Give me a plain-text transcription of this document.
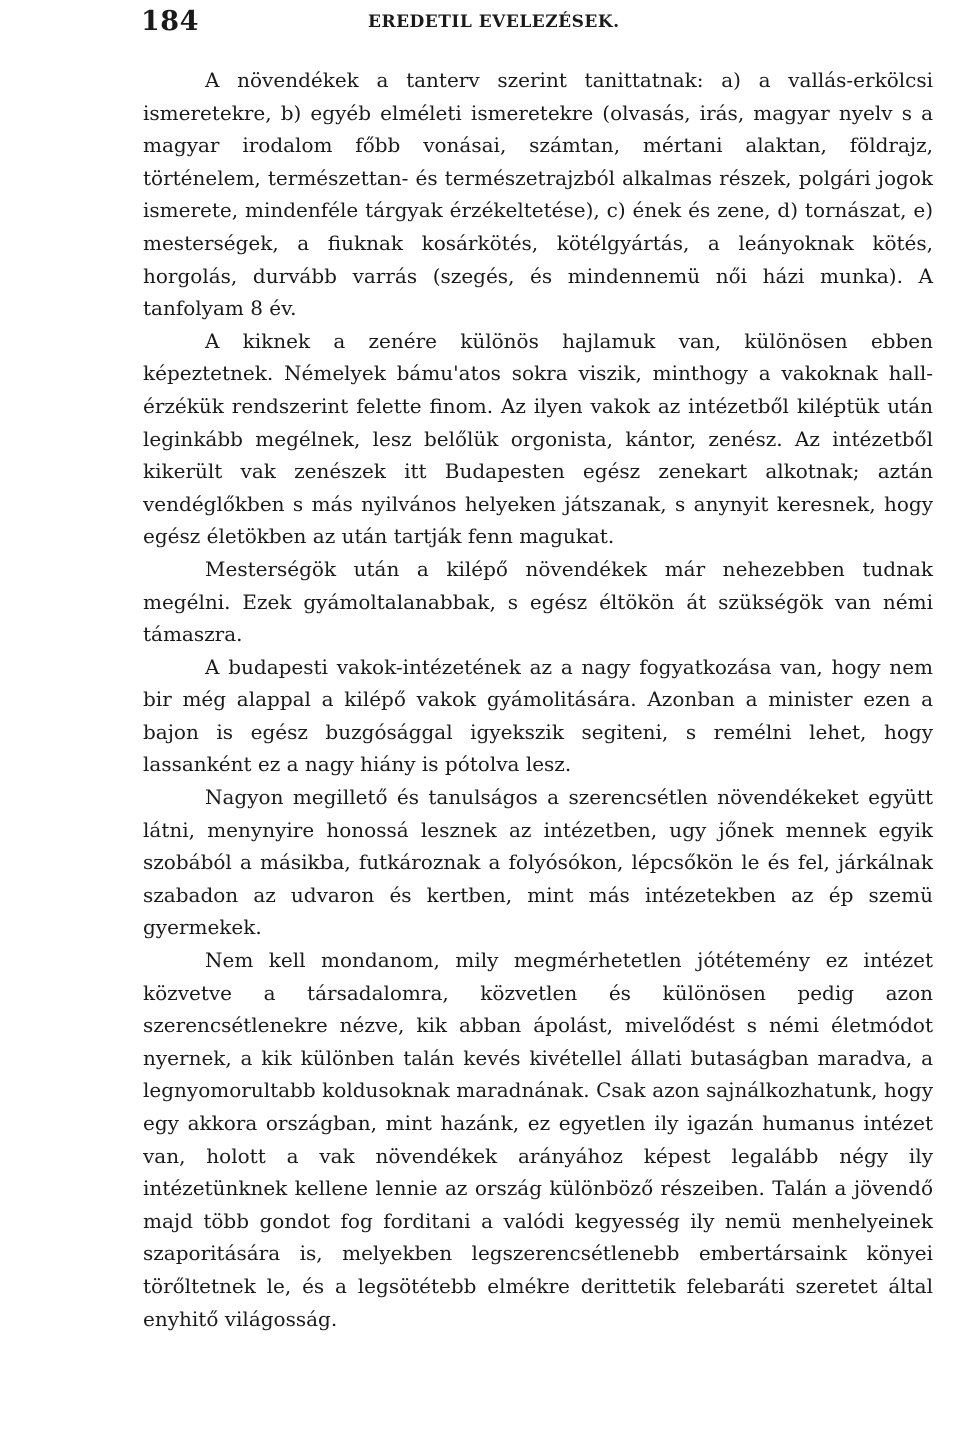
184	EREDETIL EVELEZÉSEK.

A növendékek a tanterv szerint tanittatnak: a) a vallás-erkölcsi ismeretekre, b) egyéb elméleti ismeretekre (olvasás, irás, magyar nyelv s a magyar irodalom főbb vonásai, számtan, mértani alaktan, földrajz, történelem, természettan- és természetrajzból alkalmas részek, polgári jogok ismerete, mindenféle tárgyak érzékeltetése), c) ének és zene, d) tornászat, e) mesterségek, a fiuknak kosárkötés, kötélgyártás, a leányoknak kötés, horgolás, durvább varrás (szegés, és mindennemü női házi munka). A tanfolyam 8 év.

A kiknek a zenére különös hajlamuk van, különösen ebben képeztetnek. Némelyek bámu'atos sokra viszik, minthogy a vakoknak hall-érzékük rendszerint felette finom. Az ilyen vakok az intézetből kiléptük után leginkább megélnek, lesz belőlük orgonista, kántor, zenész. Az intézetből kikerült vak zenészek itt Budapesten egész zenekart alkotnak; aztán vendéglőkben s más nyilvános helyeken játszanak, s anynyit keresnek, hogy egész életökben az után tartják fenn magukat.

Mesterségök után a kilépő növendékek már nehezebben tudnak megélni. Ezek gyámoltalanabbak, s egész éltökön át szükségök van némi támaszra.

A budapesti vakok-intézetének az a nagy fogyatkozása van, hogy nem bir még alappal a kilépő vakok gyámolitására. Azonban a minister ezen a bajon is egész buzgósággal igyekszik segiteni, s remélni lehet, hogy lassanként ez a nagy hiány is pótolva lesz.

Nagyon megillető és tanulságos a szerencsétlen növendékeket együtt látni, menynyire honossá lesznek az intézetben, ugy jőnek mennek egyik szobából a másikba, futkároznak a folyósókon, lépcsőkön le és fel, járkálnak szabadon az udvaron és kertben, mint más intézetekben az ép szemü gyermekek.

Nem kell mondanom, mily megmérhetetlen jótétemény ez intézet közvetve a társadalomra, közvetlen és különösen pedig azon szerencsétlenekre nézve, kik abban ápolást, mivelődést s némi életmódot nyernek, a kik különben talán kevés kivétellel állati butaságban maradva, a legnyomorultabb koldusoknak maradnának. Csak azon sajnálkozhatunk, hogy egy akkora országban, mint hazánk, ez egyetlen ily igazán humanus intézet van, holott a vak növendékek arányához képest legalább négy ily intézetünknek kellene lennie az ország különböző részeiben. Talán a jövendő majd több gondot fog forditani a valódi kegyesség ily nemü menhelyeinek szaporitására is, melyekben legszerencsétlenebb embertársaink könyei törőltetnek le, és a legsötétebb elmékre derittetik felebaráti szeretet által enyhitő világosság.
